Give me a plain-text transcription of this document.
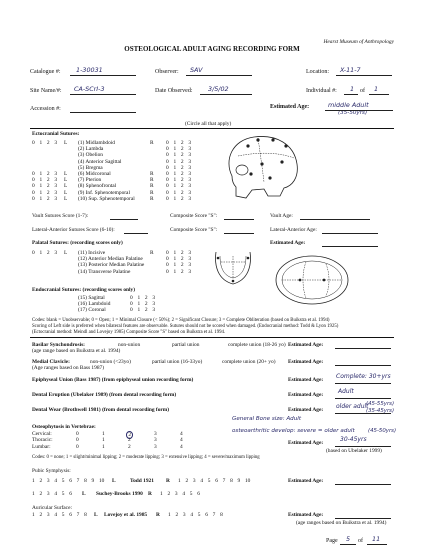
Hearst Museum of Anthropology
OSTEOLOGICAL ADULT AGING RECORDING FORM
Catalogue #: 1-30031	Observer: SAV	Location: X-11-7
Site Name/#: CA-SCrI-3	Date Observed: 3/5/02	Individual #: 1 of 1
Accession #:	Estimated Age:	middle Adult
(35-50yrs)
(Circle all that apply)
Ectocranial Sutures:
0 1 2 3 L (1) Midlambdoid	R 0 1 2 3
(2) Lambda	0 1 2 3
(3) Obelion	0 1 2 3
(4) Anterior Sagittal	0 1 2 3
(5) Bregma	0 1 2 3
0 1 2 3 L (6) Midcoronal	R 0 1 2 3
0 1 2 3 L (7) Pterion	R 0 1 2 3
0 1 2 3 L (8) Sphenofrontal	R 0 1 2 3
0 1 2 3 L (9) Inf. Sphenotemporal	R 0 1 2 3
0 1 2 3 L (10) Sup. Sphenotemporal	R 0 1 2 3
Vault Sutures Score (1-7):	Composite Score "S":	Vault Age:
Lateral-Anterior Sutures Score (6-10):	Composite Score "S":	Lateral-Anterior Age:
Palatal Sutures: (recording scores only)	Estimated Age:
0 1 2 3 L	R
(11) Incisive	0 1 2 3
(12) Anterior Median Palatine	0 1 2 3
(13) Posterior Median Palatine	0 1 2 3
(14) Transverse Palatine	0 1 2 3
Endocranial Sutures: (recording scores only)
(15) Sagittal	0 1 2 3
(16) Lambdoid	0 1 2 3
(17) Coronal	0 1 2 3
Codes: blank = Unobservable; 0 = Open; 1 = Minimal Closure (< 50%); 2 = Significant Closure; 3 = Complete Obliteration (based on Buikstra et al. 1994)
Scoring of Left side is preferred when bilateral features are observable. Sutures should not be scored when damaged. (Endocranial method: Todd & Lyon 1925)
(Ectocranial method: Meindl and Lovejoy 1985) Composite Score "S" based on Buikstra et al. 1994.
Basilar Synchondrosis:	non-union	partial union	complete union (18-26 yo)
(age range based on Buikstra et al. 1994)
Estimated Age:
Medial Clavicle:	non-union (<23yo)	partial union (16-33yo)	complete union (20+ yo)
(Age ranges based on Bass 1987)
Estimated Age:
Epiphyseal Union (Bass 1987) (from epiphyseal union recording form)	Estimated Age: Complete: 30+yrs
Dental Eruption (Ubelaker 1989) (from dental recording form)	Estimated Age: Adult
Dental Wear (Brothwell 1981) (from dental recording form)	Estimated Age: older adult
(45-55yrs)
(35-45yrs)
General Bone size: Adult
Osteophytosis in Vertebrae:
osteoarthritic develop: severe = older adult (45-50yrs)
Cervical:	0	1	2	3	4
Thoracic:	0	1	2	3	4
Lumbar:	0	1	2	3	4
Estimated Age:	30-45yrs
(based on Ubelaker 1999)
Codes: 0 = none; 1 = slight/minimal lipping; 2 = moderate lipping; 3 = extensive lipping; 4 = severe/maximum lipping
Pubic Symphysis:
1 2 3 4 5 6 7 8 9 10 L	Todd 1921 R 1 2 3 4 5 6 7 8 9 10	Estimated Age:
1 2 3 4 5 6 L Suchey-Brooks 1990 R 1 2 3 4 5 6
Auricular Surface:
1 2 3 4 5 6 7 8 L Lovejoy et al. 1985 R 1 2 3 4 5 6 7 8	Estimated Age:
(age ranges based on Buikstra et al. 1994)
Page 5 of 11
